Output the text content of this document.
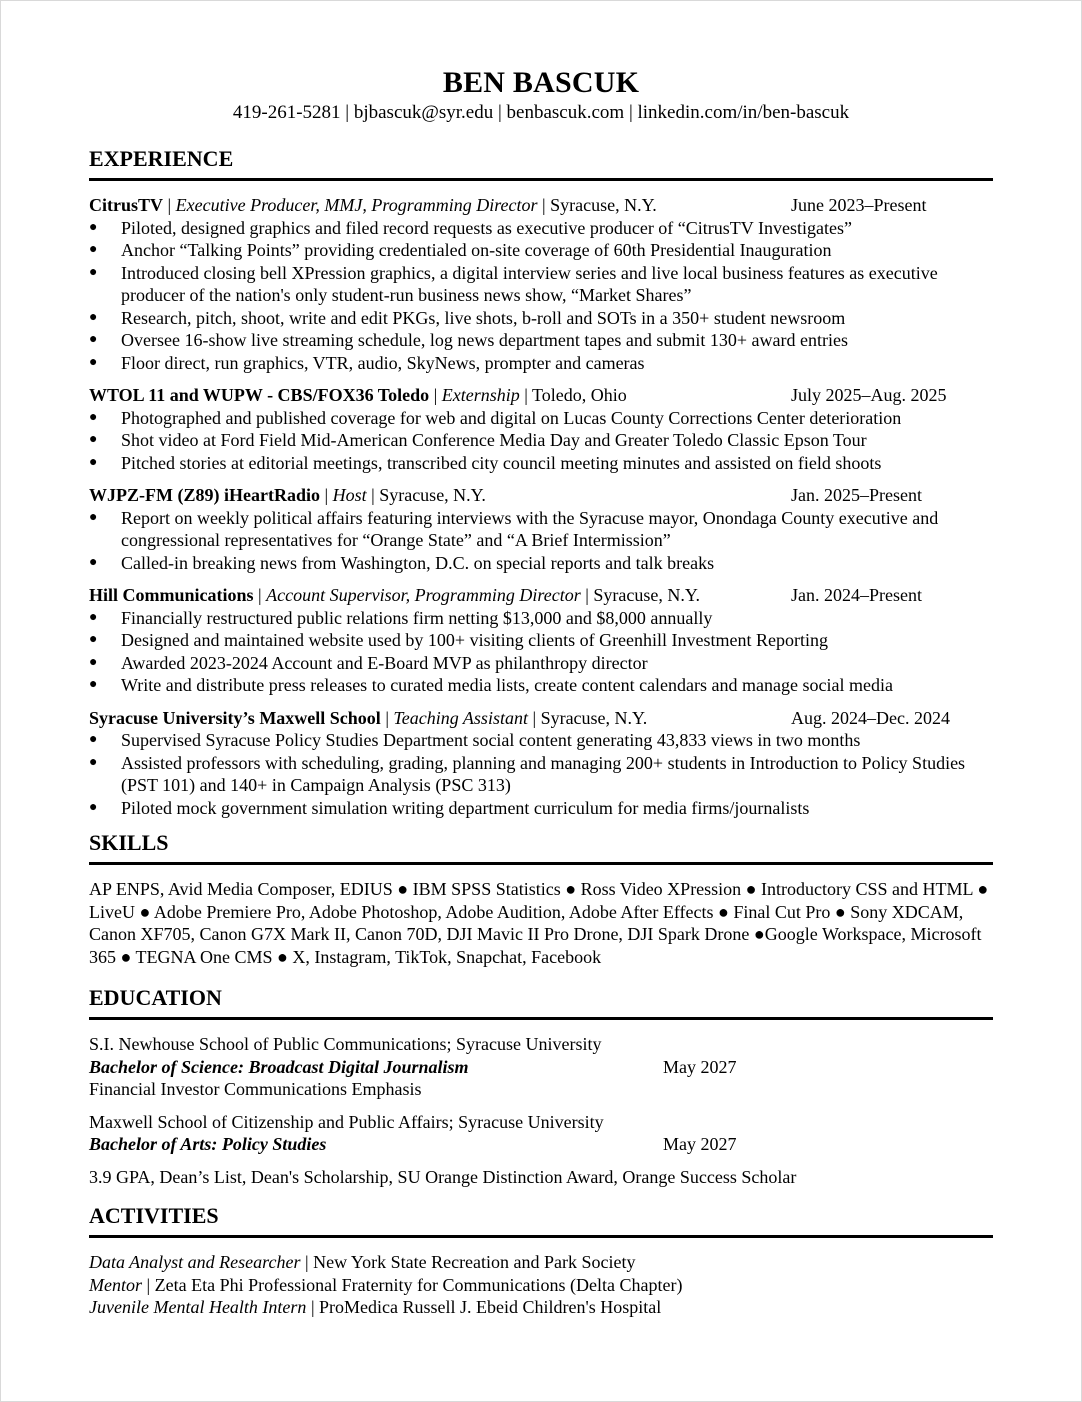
BEN BASCUK
419-261-5281 | bjbascuk@syr.edu | benbascuk.com | linkedin.com/in/ben-bascuk
EXPERIENCE
CitrusTV | Executive Producer, MMJ, Programming Director | Syracuse, N.Y.	June 2023–Present
● Piloted, designed graphics and filed record requests as executive producer of “CitrusTV Investigates”
● Anchor “Talking Points” providing credentialed on-site coverage of 60th Presidential Inauguration
● Introduced closing bell XPression graphics, a digital interview series and live local business features as executive producer of the nation's only student-run business news show, “Market Shares”
● Research, pitch, shoot, write and edit PKGs, live shots, b-roll and SOTs in a 350+ student newsroom
● Oversee 16-show live streaming schedule, log news department tapes and submit 130+ award entries
● Floor direct, run graphics, VTR, audio, SkyNews, prompter and cameras
WTOL 11 and WUPW - CBS/FOX36 Toledo | Externship | Toledo, Ohio	July 2025–Aug. 2025
● Photographed and published coverage for web and digital on Lucas County Corrections Center deterioration
● Shot video at Ford Field Mid-American Conference Media Day and Greater Toledo Classic Epson Tour
● Pitched stories at editorial meetings, transcribed city council meeting minutes and assisted on field shoots
WJPZ-FM (Z89) iHeartRadio | Host | Syracuse, N.Y.	Jan. 2025–Present
● Report on weekly political affairs featuring interviews with the Syracuse mayor, Onondaga County executive and congressional representatives for “Orange State” and “A Brief Intermission”
● Called-in breaking news from Washington, D.C. on special reports and talk breaks
Hill Communications | Account Supervisor, Programming Director | Syracuse, N.Y.	Jan. 2024–Present
● Financially restructured public relations firm netting $13,000 and $8,000 annually
● Designed and maintained website used by 100+ visiting clients of Greenhill Investment Reporting
● Awarded 2023-2024 Account and E-Board MVP as philanthropy director
● Write and distribute press releases to curated media lists, create content calendars and manage social media
Syracuse University’s Maxwell School | Teaching Assistant | Syracuse, N.Y.	Aug. 2024–Dec. 2024
● Supervised Syracuse Policy Studies Department social content generating 43,833 views in two months
● Assisted professors with scheduling, grading, planning and managing 200+ students in Introduction to Policy Studies (PST 101) and 140+ in Campaign Analysis (PSC 313)
● Piloted mock government simulation writing department curriculum for media firms/journalists
SKILLS
AP ENPS, Avid Media Composer, EDIUS ● IBM SPSS Statistics ● Ross Video XPression ● Introductory CSS and HTML ● LiveU ● Adobe Premiere Pro, Adobe Photoshop, Adobe Audition, Adobe After Effects ● Final Cut Pro ● Sony XDCAM, Canon XF705, Canon G7X Mark II, Canon 70D, DJI Mavic II Pro Drone, DJI Spark Drone ●Google Workspace, Microsoft 365 ● TEGNA One CMS ● X, Instagram, TikTok, Snapchat, Facebook
EDUCATION
S.I. Newhouse School of Public Communications; Syracuse University
Bachelor of Science: Broadcast Digital Journalism	May 2027
Financial Investor Communications Emphasis
Maxwell School of Citizenship and Public Affairs; Syracuse University
Bachelor of Arts: Policy Studies	May 2027
3.9 GPA, Dean’s List, Dean's Scholarship, SU Orange Distinction Award, Orange Success Scholar
ACTIVITIES
Data Analyst and Researcher | New York State Recreation and Park Society
Mentor | Zeta Eta Phi Professional Fraternity for Communications (Delta Chapter)
Juvenile Mental Health Intern | ProMedica Russell J. Ebeid Children's Hospital
